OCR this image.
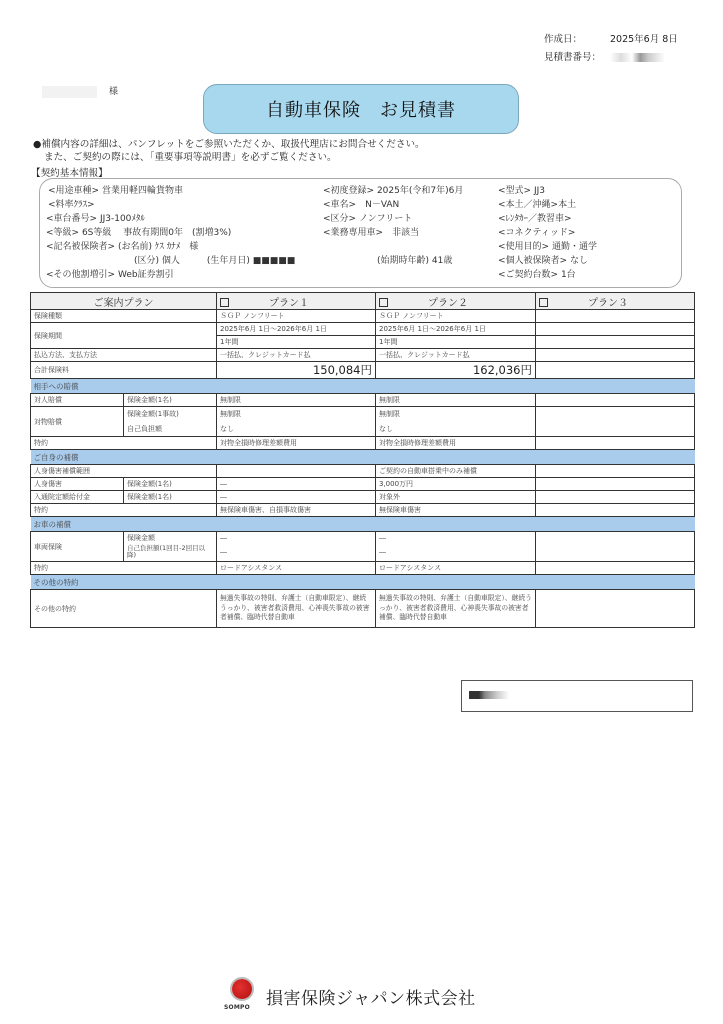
作成日：	2025年6月 8日
見積書番号：
様
自動車保険　お見積書
●補償内容の詳細は、パンフレットをご参照いただくか、取扱代理店にお問合せください。
また、ご契約の際には、「重要事項等説明書」を必ずご覧ください。
【契約基本情報】
<用途車種> 営業用軽四輪貨物車
<料率ｸﾗｽ>
<車台番号> JJ3-100ﾒﾀﾙ
<等級> 6S等級　 事故有期間0年　(割増3%)
<記名被保険者> (お名前) ｹｽ ｶﾅﾒ　様
(区分) 個人　　　(生年月日) ■■■■■
<その他割増引> Web証券割引
<初度登録> 2025年(令和7年)6月
<車名>　N－VAN
<区分> ノンフリート
<業務専用車>　非該当
(始期時年齢) 41歳
<型式> JJ3
<本土／沖縄>本土
<ﾚﾝﾀｶｰ／教習車>
<コネクティッド>
<使用目的> 通勤・通学
<個人被保険者> なし
<ご契約台数> 1台
ご案内プラン		プラン１	プラン２	プラン３
保険種類		ＳＧＰ ノンフリート	ＳＧＰ ノンフリート	
保険期間		2025年6月 1日～2026年6月 1日	2025年6月 1日～2026年6月 1日	
		1年間	1年間	
払込方法、支払方法		一括払、クレジットカード払	一括払、クレジットカード払	
合計保険料		150,084円	162,036円	
相手への賠償				
対人賠償	保険金額(1名)	無制限	無制限	
対物賠償	保険金額(1事故)	無制限	無制限	
	自己負担額	なし	なし	
特約		対物全損時修理差額費用	対物全損時修理差額費用	
ご自身の補償				
人身傷害補償範囲			ご契約の自動車搭乗中のみ補償	
人身傷害	保険金額(1名)	―	3,000万円	
入通院定額給付金	保険金額(1名)	―	対象外	
特約		無保険車傷害、自損事故傷害	無保険車傷害	
お車の補償				
車両保険	保険金額	―	―	
	自己負担額(1回目-2回目以降)	―	―	
特約		ロードアシスタンス	ロードアシスタンス	
その他の特約				
その他の特約		無過失事故の特則、弁護士（自動車限定）、継続うっかり、被害者救済費用、心神喪失事故の被害者補償、臨時代替自動車	無過失事故の特則、弁護士（自動車限定）、継続うっかり、被害者救済費用、心神喪失事故の被害者補償、臨時代替自動車	
SOMPO 損害保険ジャパン株式会社
